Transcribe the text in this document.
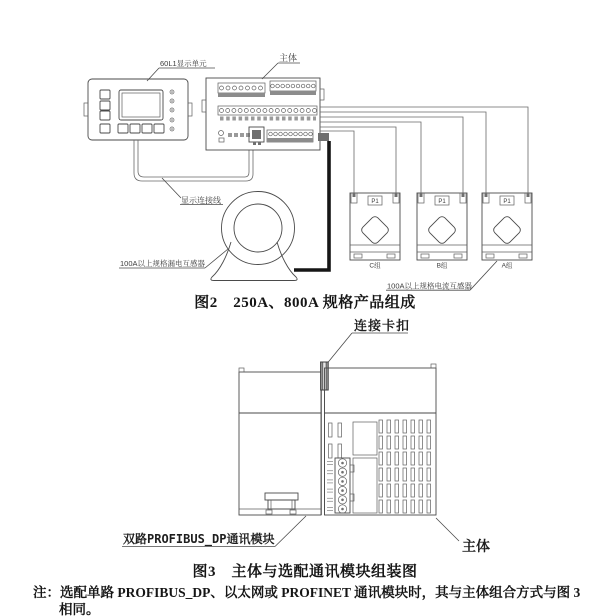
P1
C组
P1
B组
P1
A组
60L1显示单元
主体
显示连接线
100A以上规格漏电互感器
100A以上规格电流互感器
图2　250A、800A 规格产品组成
连接卡扣
双路PROFIBUS_DP通讯模块	主体
图3　主体与选配通讯模块组装图
注：选配单路 PROFIBUS_DP、以太网或 PROFINET 通讯模块时，其与主体组合方式与图 3
相同。
